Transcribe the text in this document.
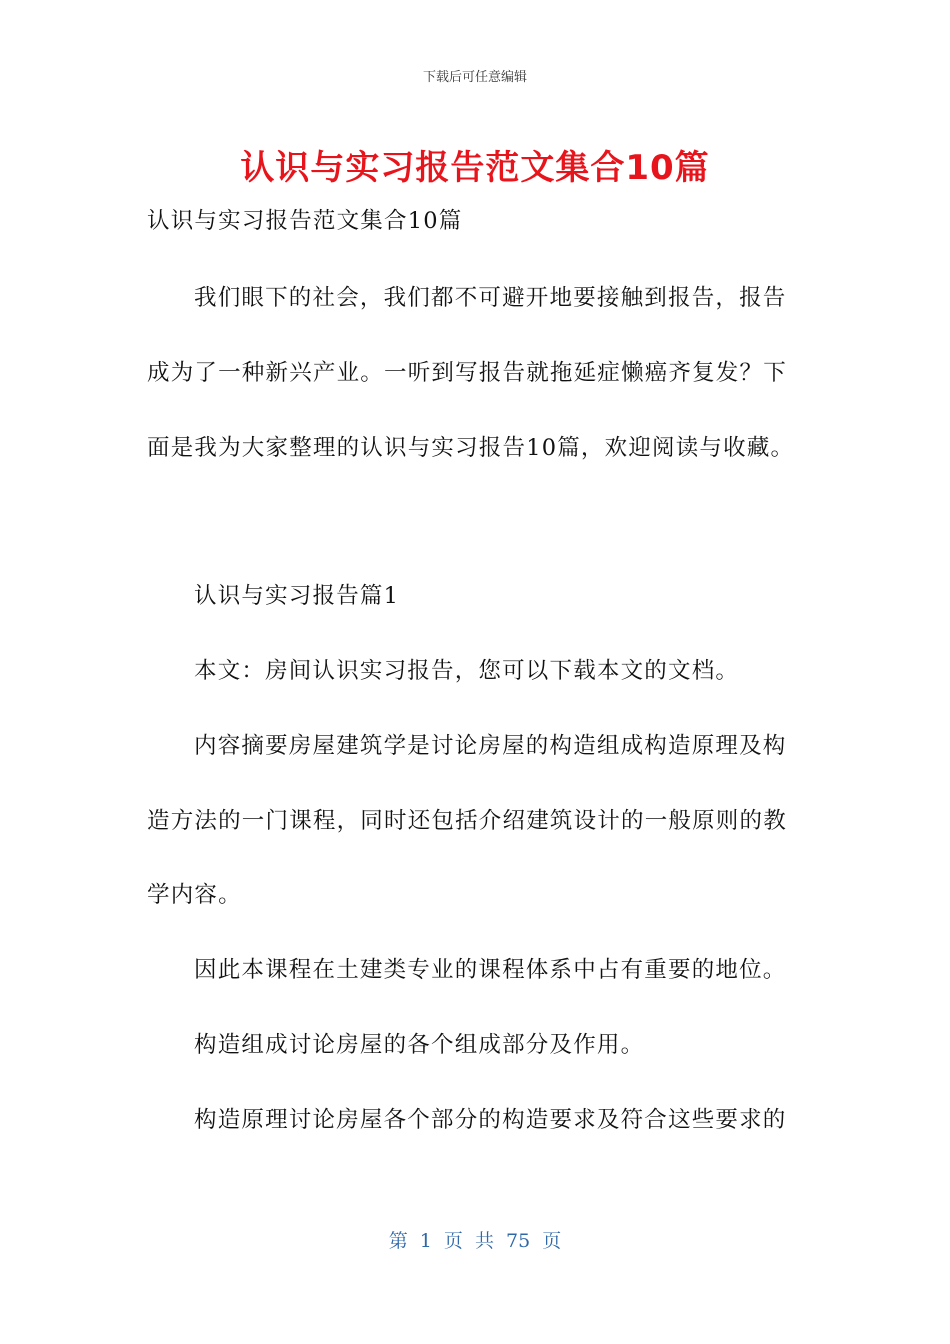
下载后可任意编辑
认识与实习报告范文集合10篇

认识与实习报告范文集合10篇

我们眼下的社会，我们都不可避开地要接触到报告，报告

成为了一种新兴产业。一听到写报告就拖延症懒癌齐复发？下

面是我为大家整理的认识与实习报告10篇，欢迎阅读与收藏。

认识与实习报告篇1

本文：房间认识实习报告，您可以下载本文的文档。

内容摘要房屋建筑学是讨论房屋的构造组成构造原理及构

造方法的一门课程，同时还包括介绍建筑设计的一般原则的教

学内容。

因此本课程在土建类专业的课程体系中占有重要的地位。

构造组成讨论房屋的各个组成部分及作用。

构造原理讨论房屋各个部分的构造要求及符合这些要求的

第 1 页 共 75 页
